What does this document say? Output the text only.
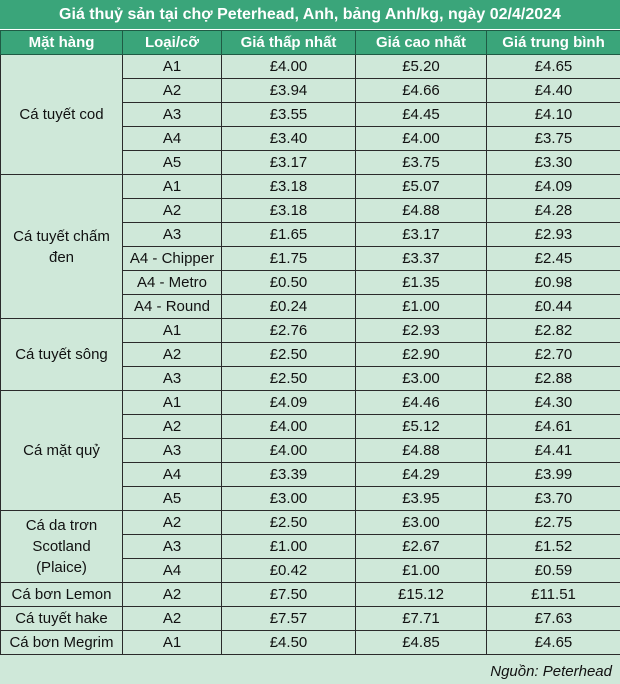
Giá thuỷ sản tại chợ Peterhead, Anh, bảng Anh/kg, ngày 02/4/2024
Mặt hàng	Loại/cỡ	Giá thấp nhất	Giá cao nhất	Giá trung bình
Cá tuyết cod	A1	£4.00	£5.20	£4.65
	A2	£3.94	£4.66	£4.40
	A3	£3.55	£4.45	£4.10
	A4	£3.40	£4.00	£3.75
	A5	£3.17	£3.75	£3.30
Cá tuyết chấm đen	A1	£3.18	£5.07	£4.09
	A2	£3.18	£4.88	£4.28
	A3	£1.65	£3.17	£2.93
	A4 - Chipper	£1.75	£3.37	£2.45
	A4 - Metro	£0.50	£1.35	£0.98
	A4 - Round	£0.24	£1.00	£0.44
Cá tuyết sông	A1	£2.76	£2.93	£2.82
	A2	£2.50	£2.90	£2.70
	A3	£2.50	£3.00	£2.88
Cá mặt quỷ	A1	£4.09	£4.46	£4.30
	A2	£4.00	£5.12	£4.61
	A3	£4.00	£4.88	£4.41
	A4	£3.39	£4.29	£3.99
	A5	£3.00	£3.95	£3.70
Cá da trơn Scotland (Plaice)	A2	£2.50	£3.00	£2.75
	A3	£1.00	£2.67	£1.52
	A4	£0.42	£1.00	£0.59
Cá bơn Lemon	A2	£7.50	£15.12	£11.51
Cá tuyết hake	A2	£7.57	£7.71	£7.63
Cá bơn Megrim	A1	£4.50	£4.85	£4.65
Nguồn: Peterhead
